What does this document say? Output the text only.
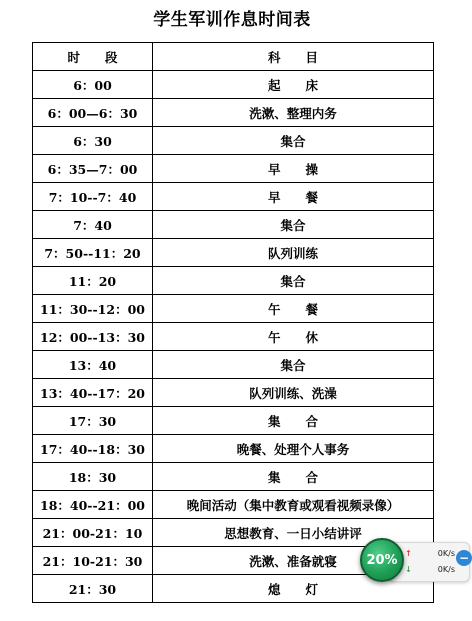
学生军训作息时间表
时　　段	科　　目
6：00	起　　床
6：00—6：30	洗漱、整理内务
6：30	集合
6：35—7：00	早　　操
7：10--7：40	早　　餐
7：40	集合
7：50--11：20	队列训练
11：20	集合
11：30--12：00	午　　餐
12：00--13：30	午　　休
13：40	集合
13：40--17：20	队列训练、洗澡
17：30	集　　合
17：40--18：30	晚餐、处理个人事务
18：30	集　　合
18：40--21：00	晚间活动（集中教育或观看视频录像）
21：00-21：10	思想教育、一日小结讲评
21：10-21：30	洗漱、准备就寝
21：30	熄　　灯
↑	0K/s
↓	0K/s
20%	−
